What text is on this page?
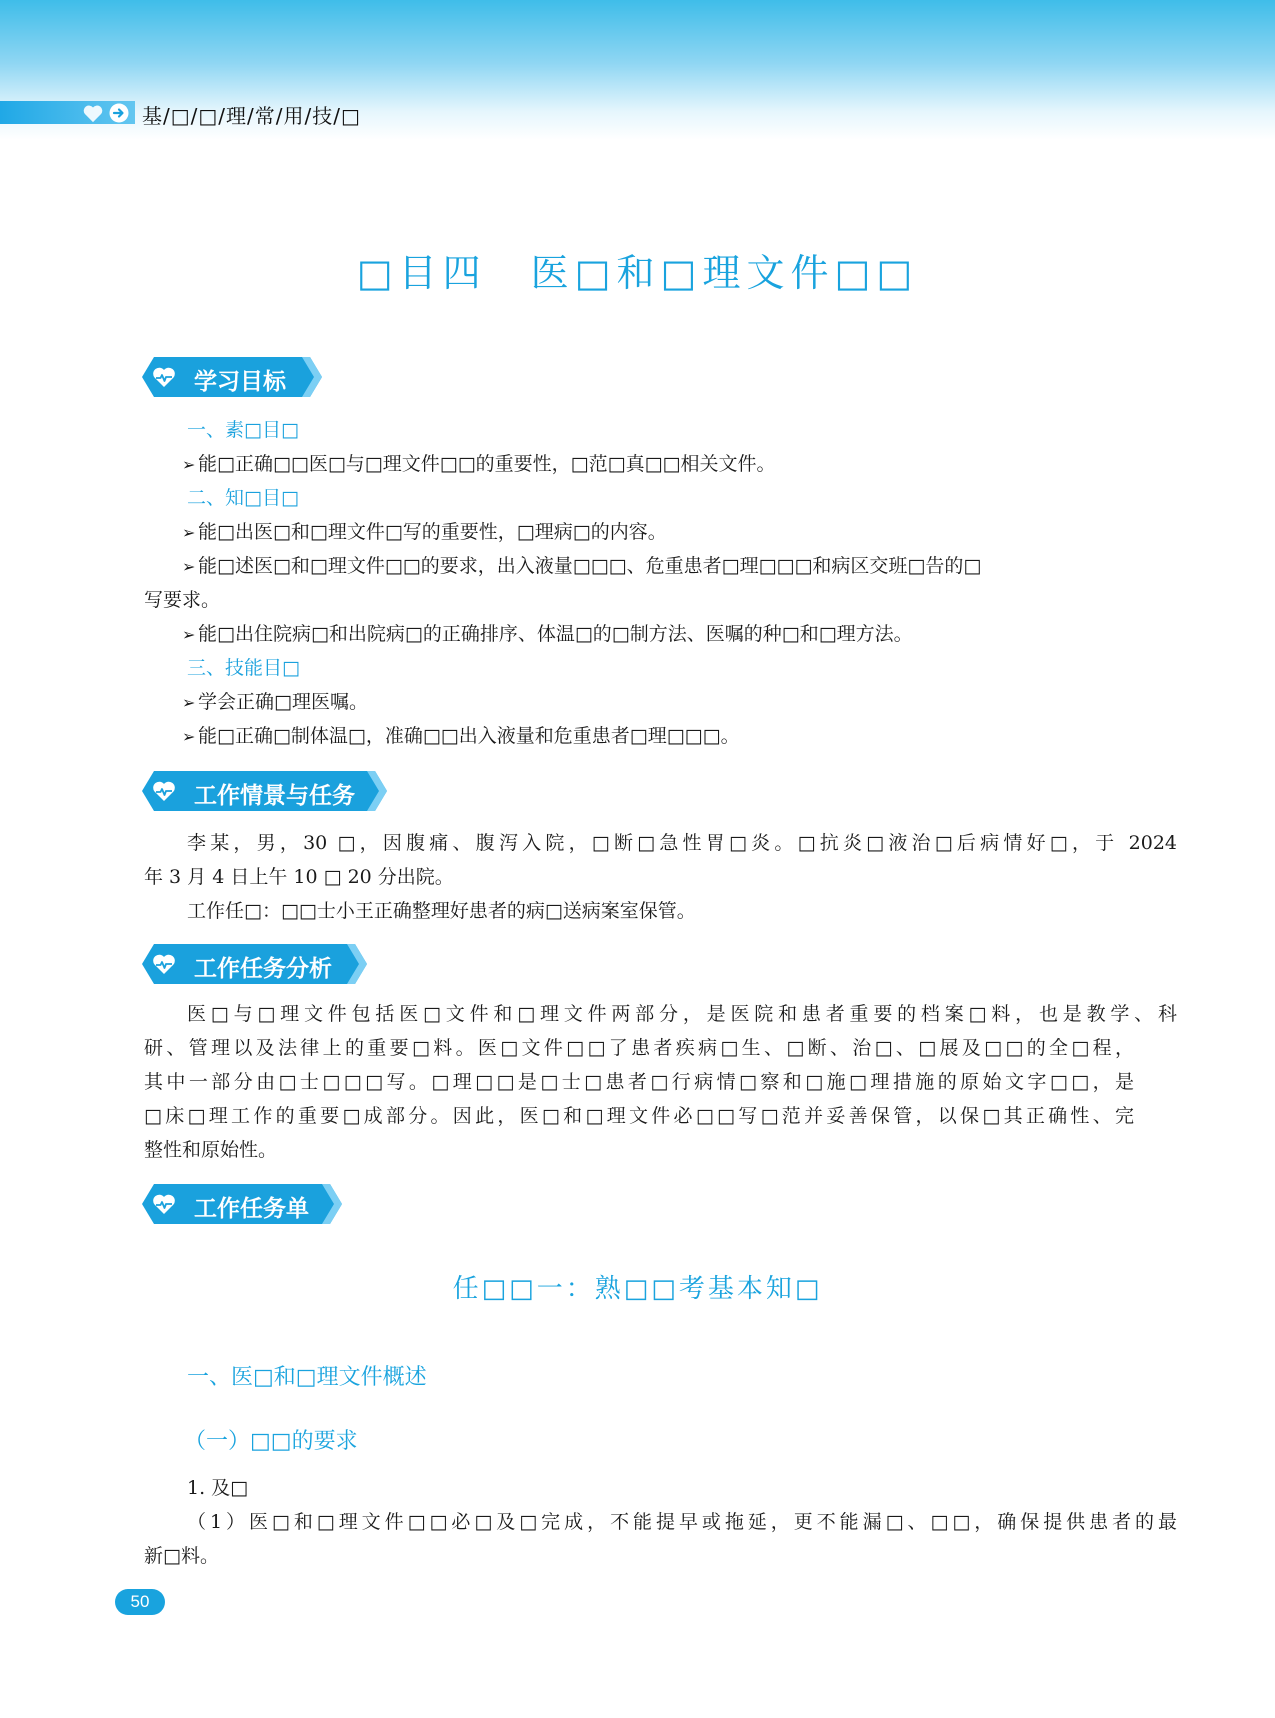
基/□/□/理/常/用/技/□
□目四 医□和□理文件□□
学习目标
一、素□目□
➢ 能□正确□□医□与□理文件□□的重要性，□范□真□□相关文件。
二、知□目□
➢ 能□出医□和□理文件□写的重要性，□理病□的内容。
➢ 能□述医□和□理文件□□的要求，出入液量□□□、危重患者□理□□□和病区交班□告的□
写要求。
➢ 能□出住院病□和出院病□的正确排序、体温□的□制方法、医嘱的种□和□理方法。
三、技能目□
➢ 学会正确□理医嘱。
➢ 能□正确□制体温□，准确□□出入液量和危重患者□理□□□。
工作情景与任务
李某，男，30 □，因腹痛、腹泻入院，□断□急性胃□炎。□抗炎□液治□后病情好□，于 2024
年 3 月 4 日上午 10 □ 20 分出院。
工作任□：□□士小王正确整理好患者的病□送病案室保管。
工作任务分析
医□与□理文件包括医□文件和□理文件两部分，是医院和患者重要的档案□料，也是教学、科
研、管理以及法律上的重要□料。医□文件□□了患者疾病□生、□断、治□、□展及□□的全□程，
其中一部分由□士□□□写。□理□□是□士□患者□行病情□察和□施□理措施的原始文字□□，是
□床□理工作的重要□成部分。因此，医□和□理文件必□□写□范并妥善保管，以保□其正确性、完
整性和原始性。
工作任务单
任□□一：熟□□考基本知□
一、医□和□理文件概述
（一）□□的要求
1. 及□
（1）医□和□理文件□□必□及□完成，不能提早或拖延，更不能漏□、□□，确保提供患者的最
新□料。
50
